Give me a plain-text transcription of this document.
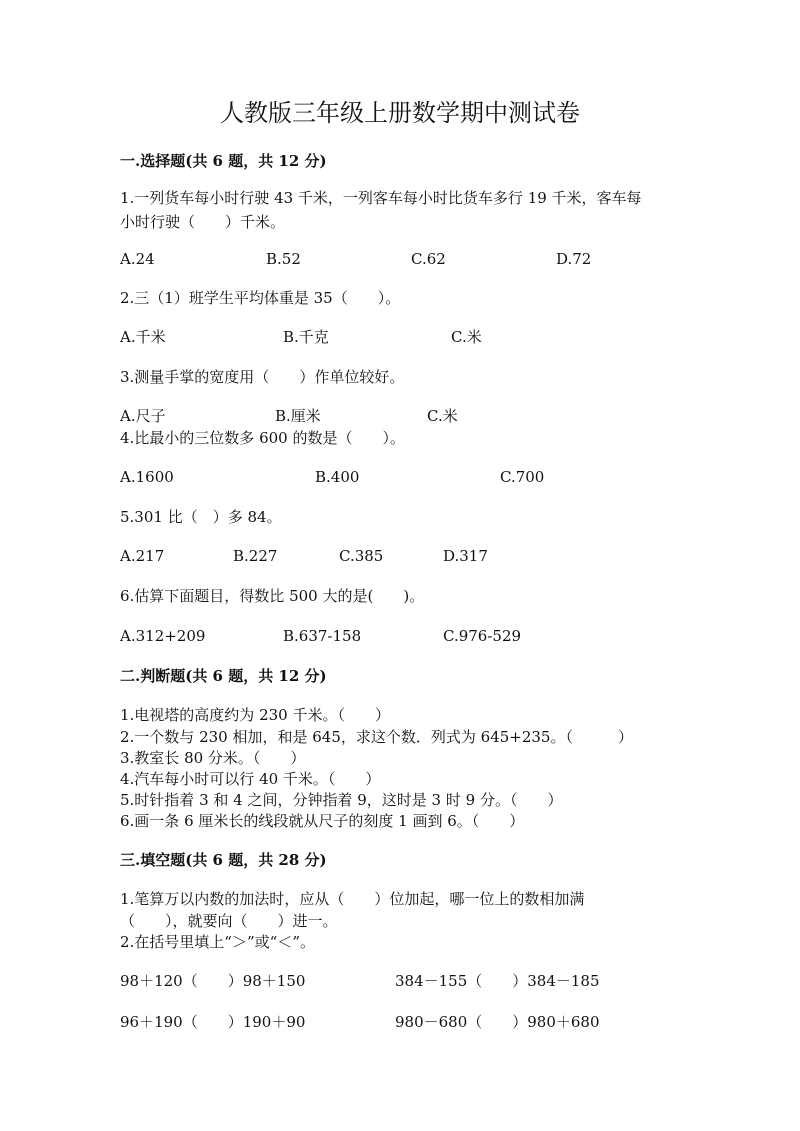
人教版三年级上册数学期中测试卷
一.选择题(共 6 题，共 12 分)
1.一列货车每小时行驶 43 千米，一列客车每小时比货车多行 19 千米，客车每
小时行驶（　　）千米。
A.24	B.52	C.62	D.72
2.三（1）班学生平均体重是 35（　　）。
A.千米	B.千克	C.米
3.测量手掌的宽度用（　　）作单位较好。
A.尺子	B.厘米	C.米
4.比最小的三位数多 600 的数是（　　）。
A.1600	B.400	C.700
5.301 比（　）多 84。
A.217	B.227	C.385	D.317
6.估算下面题目，得数比 500 大的是(　　)。
A.312+209	B.637-158	C.976-529
二.判断题(共 6 题，共 12 分)
1.电视塔的高度约为 230 千米。（　　）
2.一个数与 230 相加，和是 645，求这个数．列式为 645+235。（　　　）
3.教室长 80 分米。（　　）
4.汽车每小时可以行 40 千米。（　　）
5.时针指着 3 和 4 之间，分钟指着 9，这时是 3 时 9 分。（　　）
6.画一条 6 厘米长的线段就从尺子的刻度 1 画到 6。（　　）
三.填空题(共 6 题，共 28 分)
1.笔算万以内数的加法时，应从（　　）位加起，哪一位上的数相加满
（　　），就要向（　　）进一。
2.在括号里填上“＞”或“＜”。
98＋120（　　）98＋150	384－155（　　）384－185
96＋190（　　）190＋90	980－680（　　）980＋680
